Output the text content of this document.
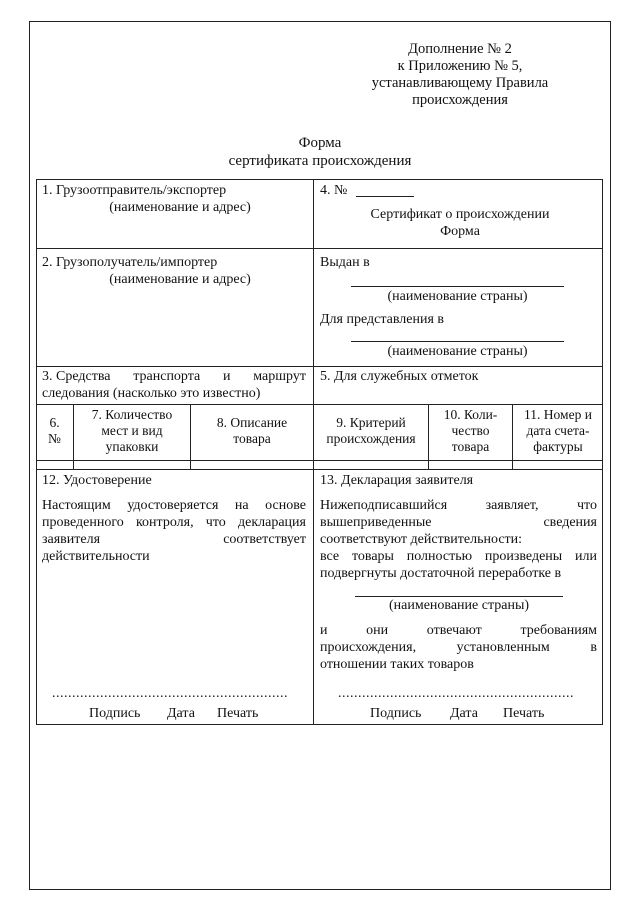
Дополнение № 2
к Приложению № 5,
устанавливающему Правила
происхождения
Форма
сертификата происхождения
1. Грузоотправитель/экспортер
(наименование и адрес)
4. №
Сертификат о происхождении
Форма
2. Грузополучатель/импортер
(наименование и адрес)
Выдан в
(наименование страны)
Для представления в
(наименование страны)
3. Средства транспорта и маршрут
следования (насколько это известно)
5. Для служебных отметок
6.
№
7. Количество
мест и вид
упаковки
8. Описание
товара
9. Критерий
происхождения
10. Коли-
чество
товара
11. Номер и
дата счета-
фактуры
12. Удостоверение
Настоящим удостоверяется на основе
проведенного контроля, что декларация
заявителя	соответствует
действительности
...........................................................
Подпись Дата Печать
13. Декларация заявителя
Нижеподписавшийся	заявляет,	что
вышеприведенные	сведения
соответствуют действительности:
все товары полностью произведены или
подвергнуты достаточной переработке в
(наименование страны)
и	они	отвечают	требованиям
происхождения,	установленным	в
отношении таких товаров
...........................................................
Подпись Дата Печать
